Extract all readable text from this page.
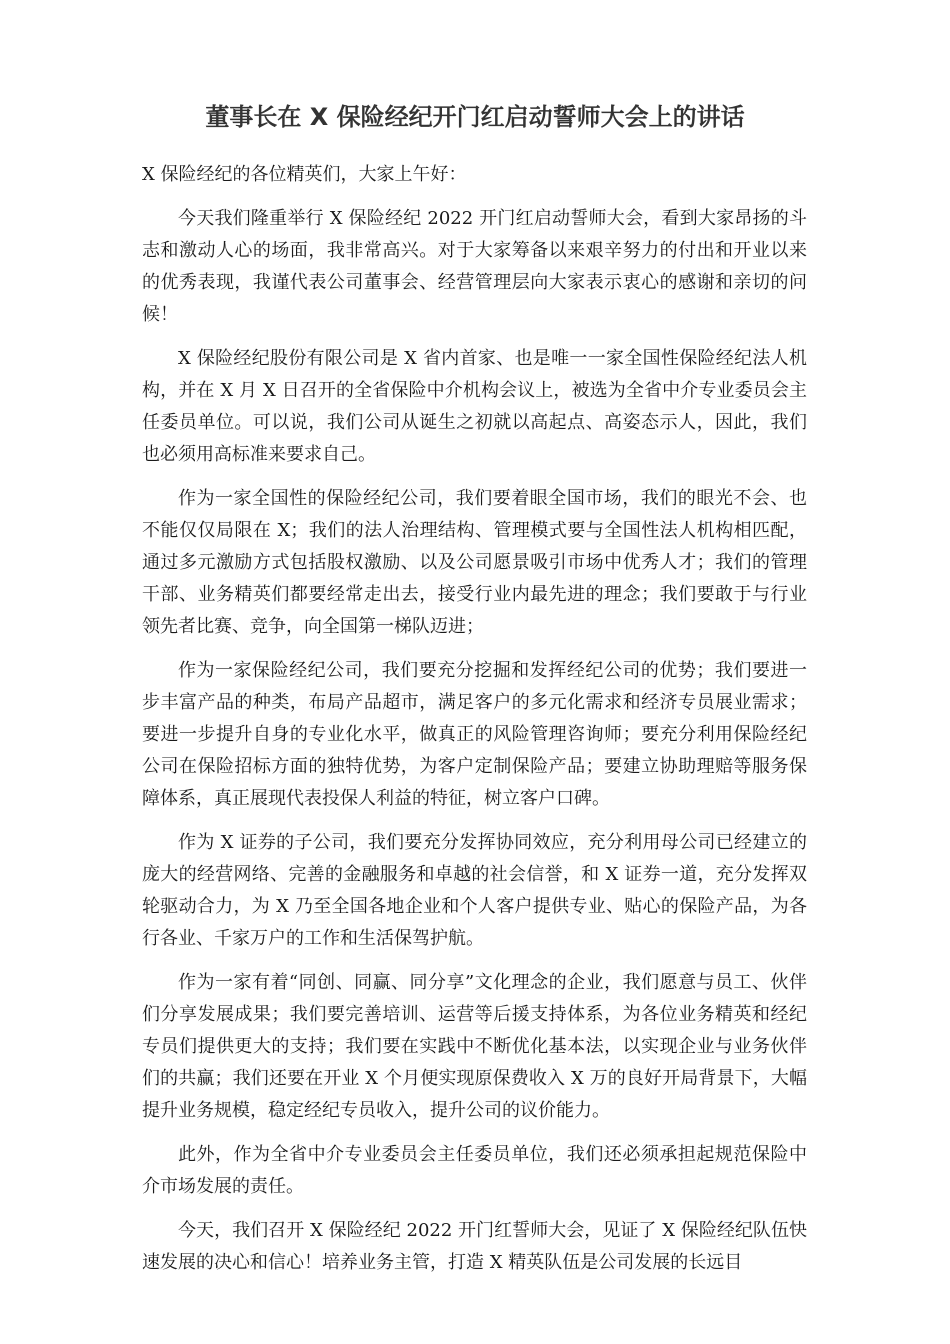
董事长在 X 保险经纪开门红启动誓师大会上的讲话

X 保险经纪的各位精英们，大家上午好：

今天我们隆重举行 X 保险经纪 2022 开门红启动誓师大会，看到大家昂扬的斗志和激动人心的场面，我非常高兴。对于大家筹备以来艰辛努力的付出和开业以来的优秀表现，我谨代表公司董事会、经营管理层向大家表示衷心的感谢和亲切的问候！

X 保险经纪股份有限公司是 X 省内首家、也是唯一一家全国性保险经纪法人机构，并在 X 月 X 日召开的全省保险中介机构会议上，被选为全省中介专业委员会主任委员单位。可以说，我们公司从诞生之初就以高起点、高姿态示人，因此，我们也必须用高标准来要求自己。

作为一家全国性的保险经纪公司，我们要着眼全国市场，我们的眼光不会、也不能仅仅局限在 X；我们的法人治理结构、管理模式要与全国性法人机构相匹配，通过多元激励方式包括股权激励、以及公司愿景吸引市场中优秀人才；我们的管理干部、业务精英们都要经常走出去，接受行业内最先进的理念；我们要敢于与行业领先者比赛、竞争，向全国第一梯队迈进；

作为一家保险经纪公司，我们要充分挖掘和发挥经纪公司的优势；我们要进一步丰富产品的种类，布局产品超市，满足客户的多元化需求和经济专员展业需求；要进一步提升自身的专业化水平，做真正的风险管理咨询师；要充分利用保险经纪公司在保险招标方面的独特优势，为客户定制保险产品；要建立协助理赔等服务保障体系，真正展现代表投保人利益的特征，树立客户口碑。

作为 X 证券的子公司，我们要充分发挥协同效应，充分利用母公司已经建立的庞大的经营网络、完善的金融服务和卓越的社会信誉，和 X 证券一道，充分发挥双轮驱动合力，为 X 乃至全国各地企业和个人客户提供专业、贴心的保险产品，为各行各业、千家万户的工作和生活保驾护航。

作为一家有着“同创、同赢、同分享”文化理念的企业，我们愿意与员工、伙伴们分享发展成果；我们要完善培训、运营等后援支持体系，为各位业务精英和经纪专员们提供更大的支持；我们要在实践中不断优化基本法，以实现企业与业务伙伴们的共赢；我们还要在开业 X 个月便实现原保费收入 X 万的良好开局背景下，大幅提升业务规模，稳定经纪专员收入，提升公司的议价能力。

此外，作为全省中介专业委员会主任委员单位，我们还必须承担起规范保险中介市场发展的责任。

今天，我们召开 X 保险经纪 2022 开门红誓师大会，见证了 X 保险经纪队伍快速发展的决心和信心！培养业务主管，打造 X 精英队伍是公司发展的长远目
